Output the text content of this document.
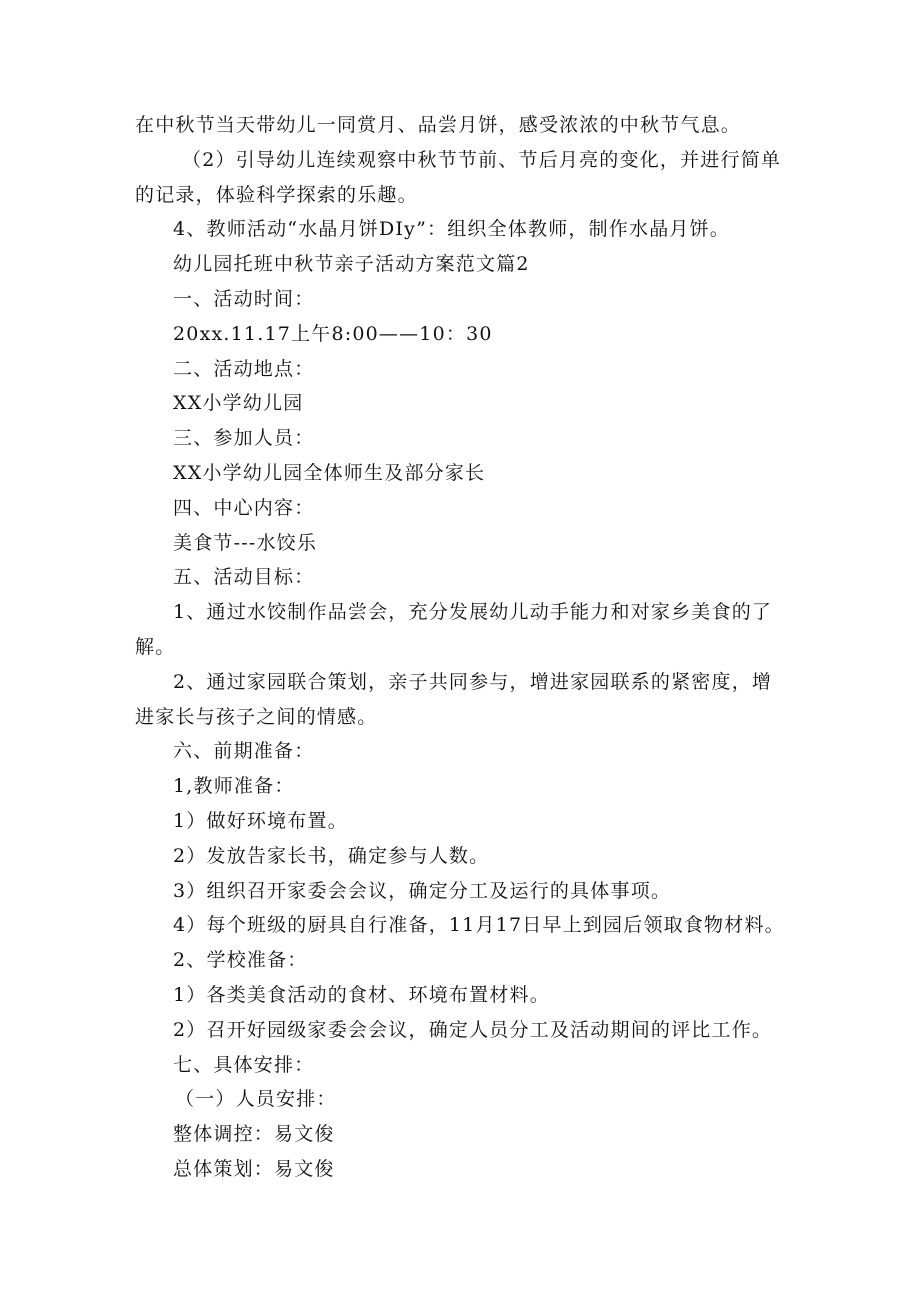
在中秋节当天带幼儿一同赏月、品尝月饼，感受浓浓的中秋节气息。
（2）引导幼儿连续观察中秋节节前、节后月亮的变化，并进行简单
的记录，体验科学探索的乐趣。
4、教师活动“水晶月饼DIy”：组织全体教师，制作水晶月饼。
幼儿园托班中秋节亲子活动方案范文篇2
一、活动时间：
20xx.11.17上午8:00——10：30
二、活动地点：
XX小学幼儿园
三、参加人员：
XX小学幼儿园全体师生及部分家长
四、中心内容：
美食节---水饺乐
五、活动目标：
1、通过水饺制作品尝会，充分发展幼儿动手能力和对家乡美食的了
解。
2、通过家园联合策划，亲子共同参与，增进家园联系的紧密度，增
进家长与孩子之间的情感。
六、前期准备：
1,教师准备：
1）做好环境布置。
2）发放告家长书，确定参与人数。
3）组织召开家委会会议，确定分工及运行的具体事项。
4）每个班级的厨具自行准备，11月17日早上到园后领取食物材料。
2、学校准备：
1）各类美食活动的食材、环境布置材料。
2）召开好园级家委会会议，确定人员分工及活动期间的评比工作。
七、具体安排：
（一）人员安排：
整体调控：易文俊
总体策划：易文俊
